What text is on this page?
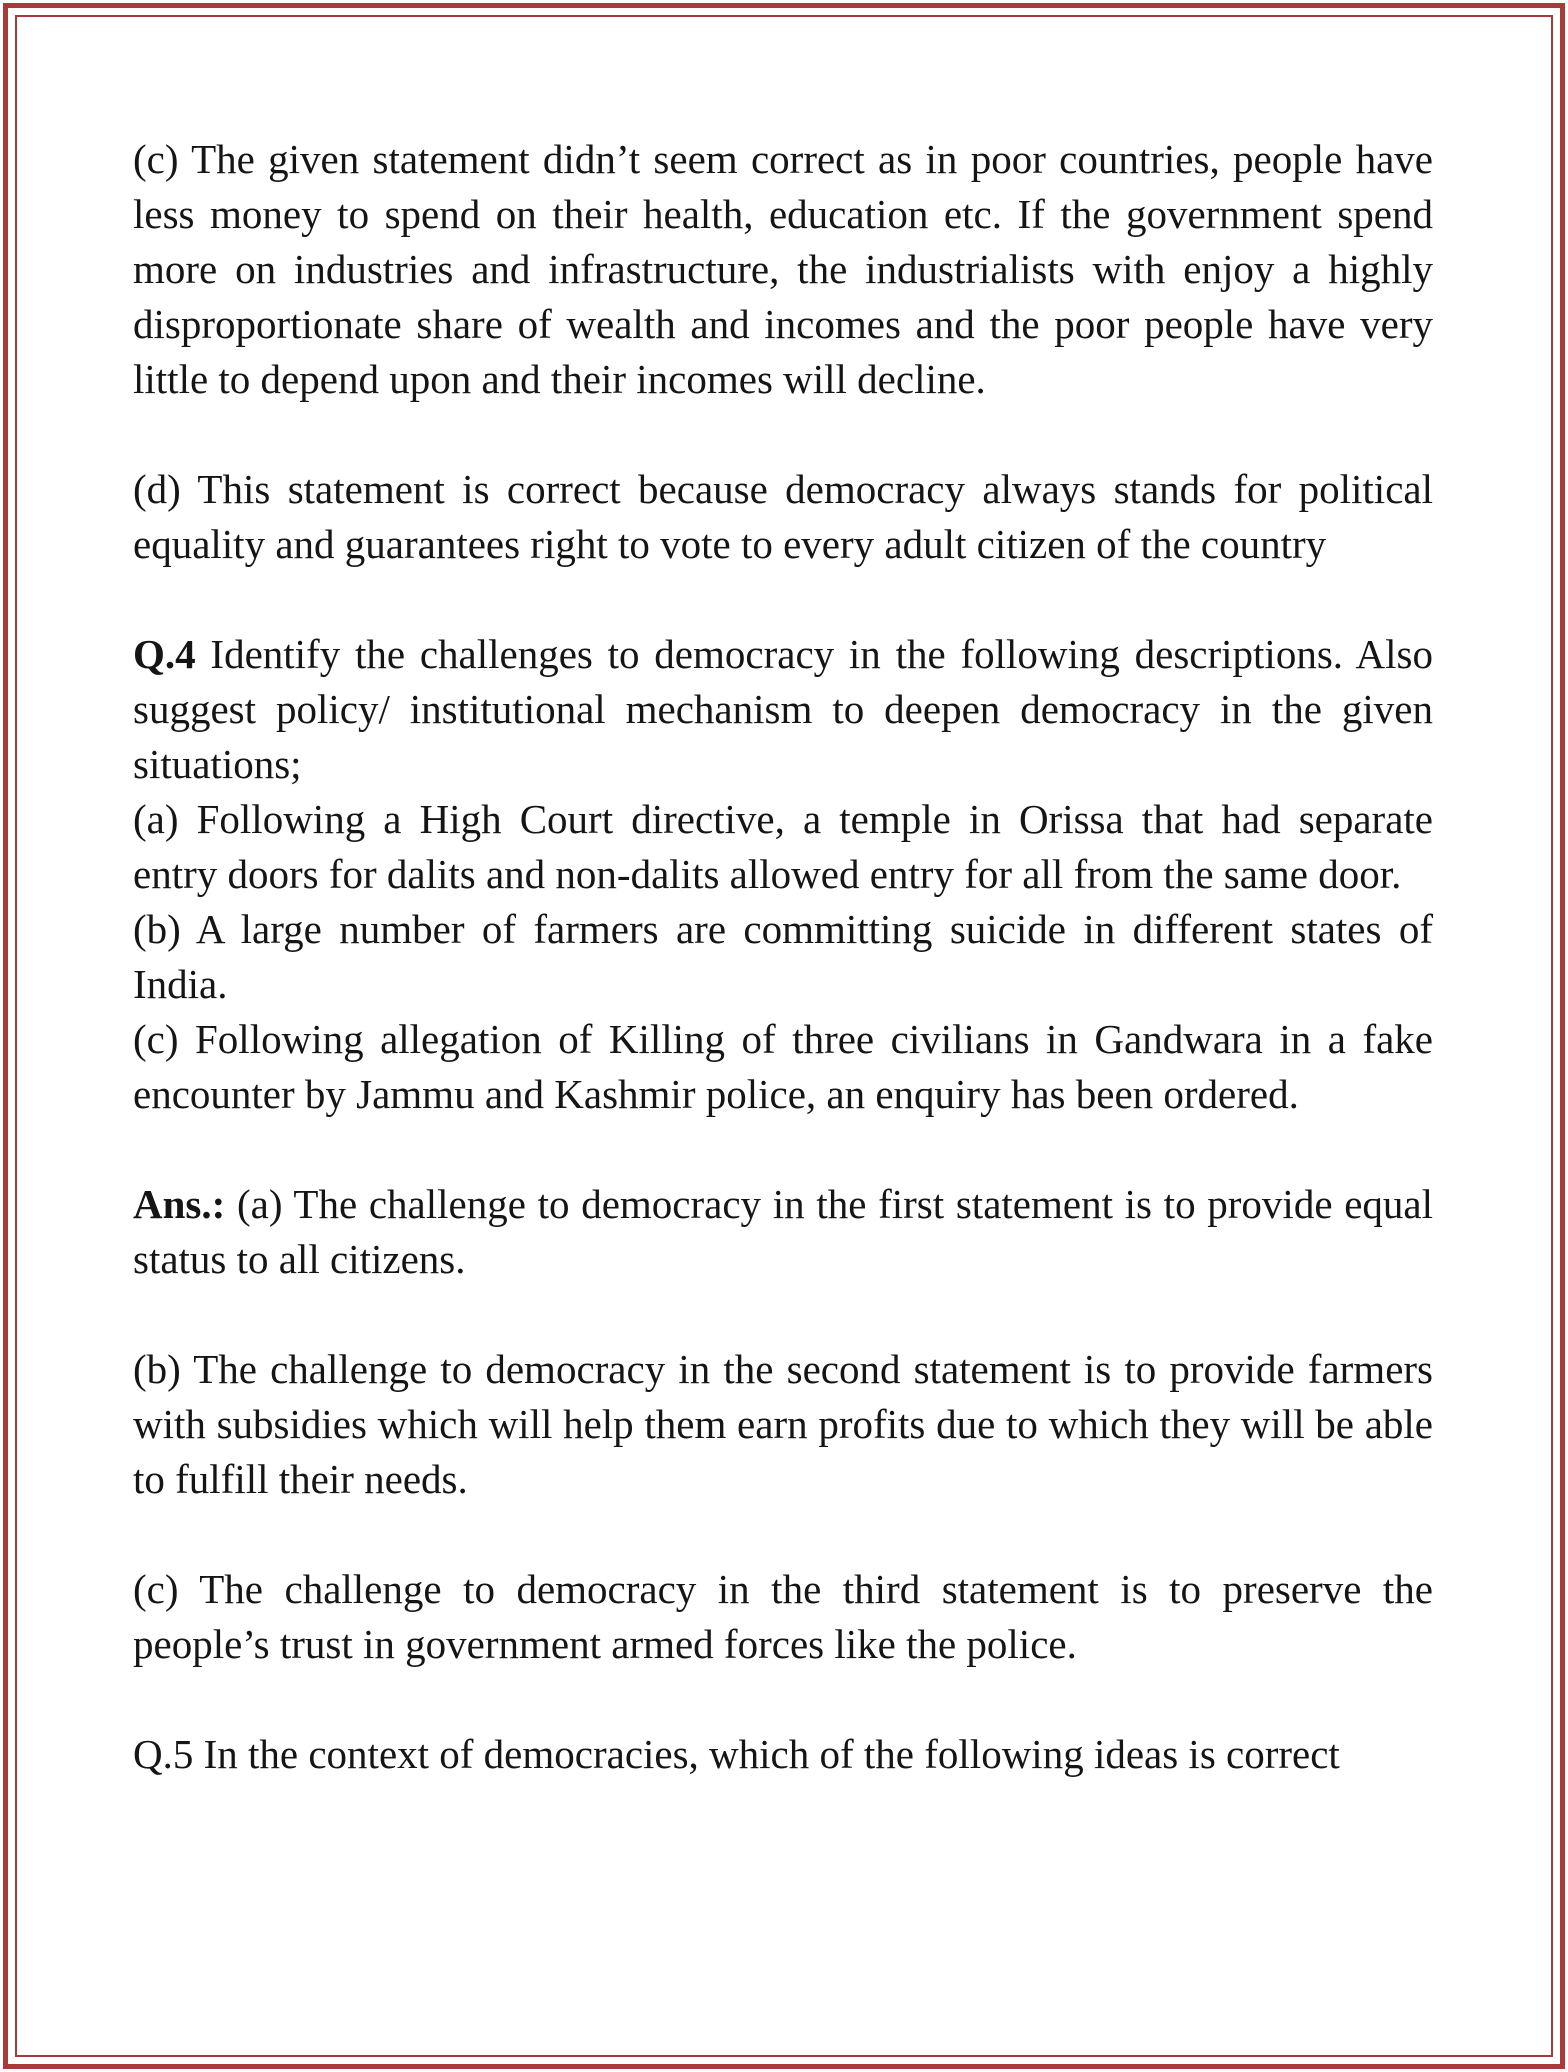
(c) The given statement didn’t seem correct as in poor countries, people have less money to spend on their health, education etc. If the government spend more on industries and infrastructure, the industrialists with enjoy a highly disproportionate share of wealth and incomes and the poor people have very little to depend upon and their incomes will decline.

(d) This statement is correct because democracy always stands for political equality and guarantees right to vote to every adult citizen of the country

Q.4 Identify the challenges to democracy in the following descriptions. Also suggest policy/ institutional mechanism to deepen democracy in the given situations;

(a) Following a High Court directive, a temple in Orissa that had separate entry doors for dalits and non-dalits allowed entry for all from the same door.

(b) A large number of farmers are committing suicide in different states of India.

(c) Following allegation of Killing of three civilians in Gandwara in a fake encounter by Jammu and Kashmir police, an enquiry has been ordered.

Ans.: (a) The challenge to democracy in the first statement is to provide equal status to all citizens.

(b) The challenge to democracy in the second statement is to provide farmers with subsidies which will help them earn profits due to which they will be able to fulfill their needs.

(c) The challenge to democracy in the third statement is to preserve the people’s trust in government armed forces like the police.

Q.5 In the context of democracies, which of the following ideas is correct
